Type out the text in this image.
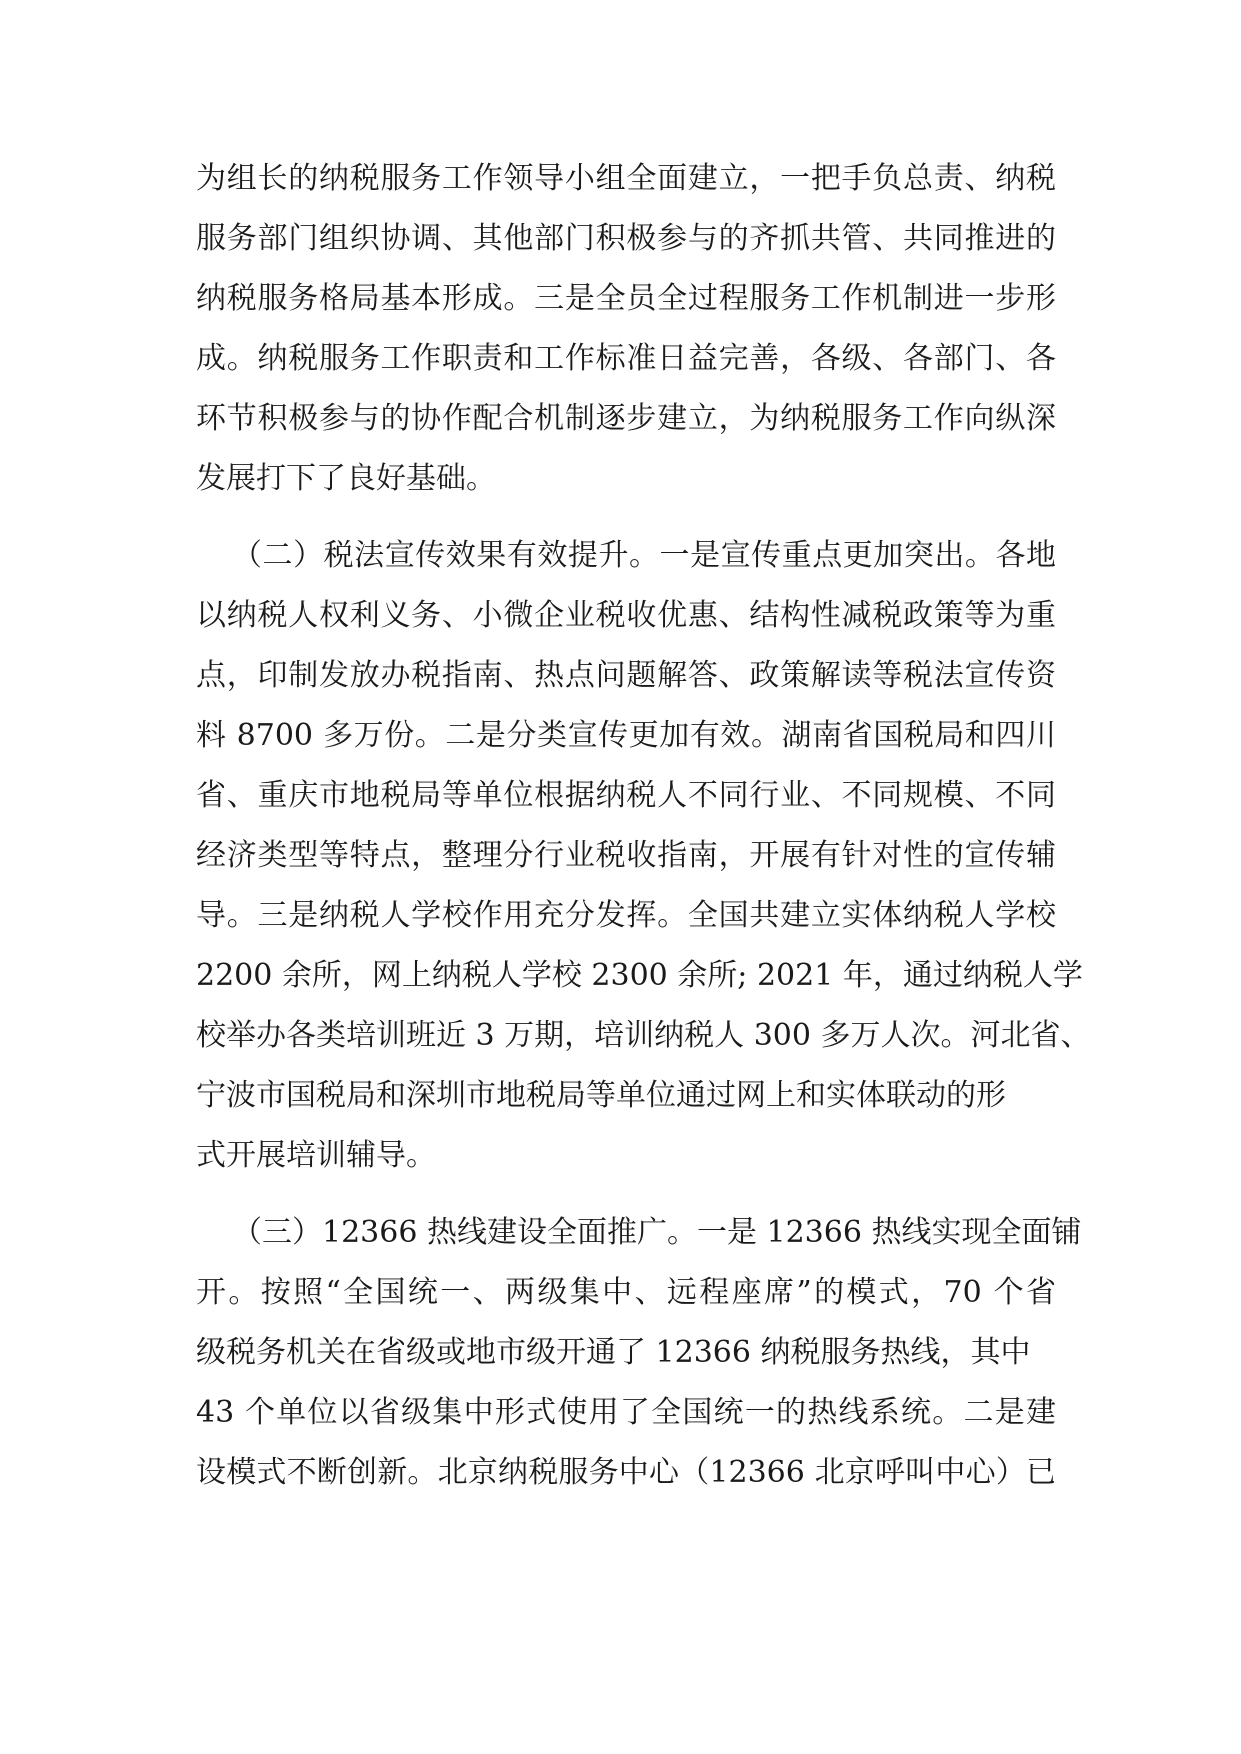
为组长的纳税服务工作领导小组全面建立，一把手负总责、纳税
服务部门组织协调、其他部门积极参与的齐抓共管、共同推进的
纳税服务格局基本形成。三是全员全过程服务工作机制进一步形
成。纳税服务工作职责和工作标准日益完善，各级、各部门、各
环节积极参与的协作配合机制逐步建立，为纳税服务工作向纵深
发展打下了良好基础。
（二）税法宣传效果有效提升。一是宣传重点更加突出。各地
以纳税人权利义务、小微企业税收优惠、结构性减税政策等为重
点，印制发放办税指南、热点问题解答、政策解读等税法宣传资
料 8700 多万份。二是分类宣传更加有效。湖南省国税局和四川
省、重庆市地税局等单位根据纳税人不同行业、不同规模、不同
经济类型等特点，整理分行业税收指南，开展有针对性的宣传辅
导。三是纳税人学校作用充分发挥。全国共建立实体纳税人学校
2200 余所，网上纳税人学校 2300 余所; 2021 年，通过纳税人学
校举办各类培训班近 3 万期，培训纳税人 300 多万人次。河北省、
宁波市国税局和深圳市地税局等单位通过网上和实体联动的形
式开展培训辅导。
（三）12366 热线建设全面推广。一是 12366 热线实现全面铺
开。按照“全国统一、两级集中、远程座席”的模式，70 个省
级税务机关在省级或地市级开通了 12366 纳税服务热线，其中
43 个单位以省级集中形式使用了全国统一的热线系统。二是建
设模式不断创新。北京纳税服务中心（12366 北京呼叫中心）已
